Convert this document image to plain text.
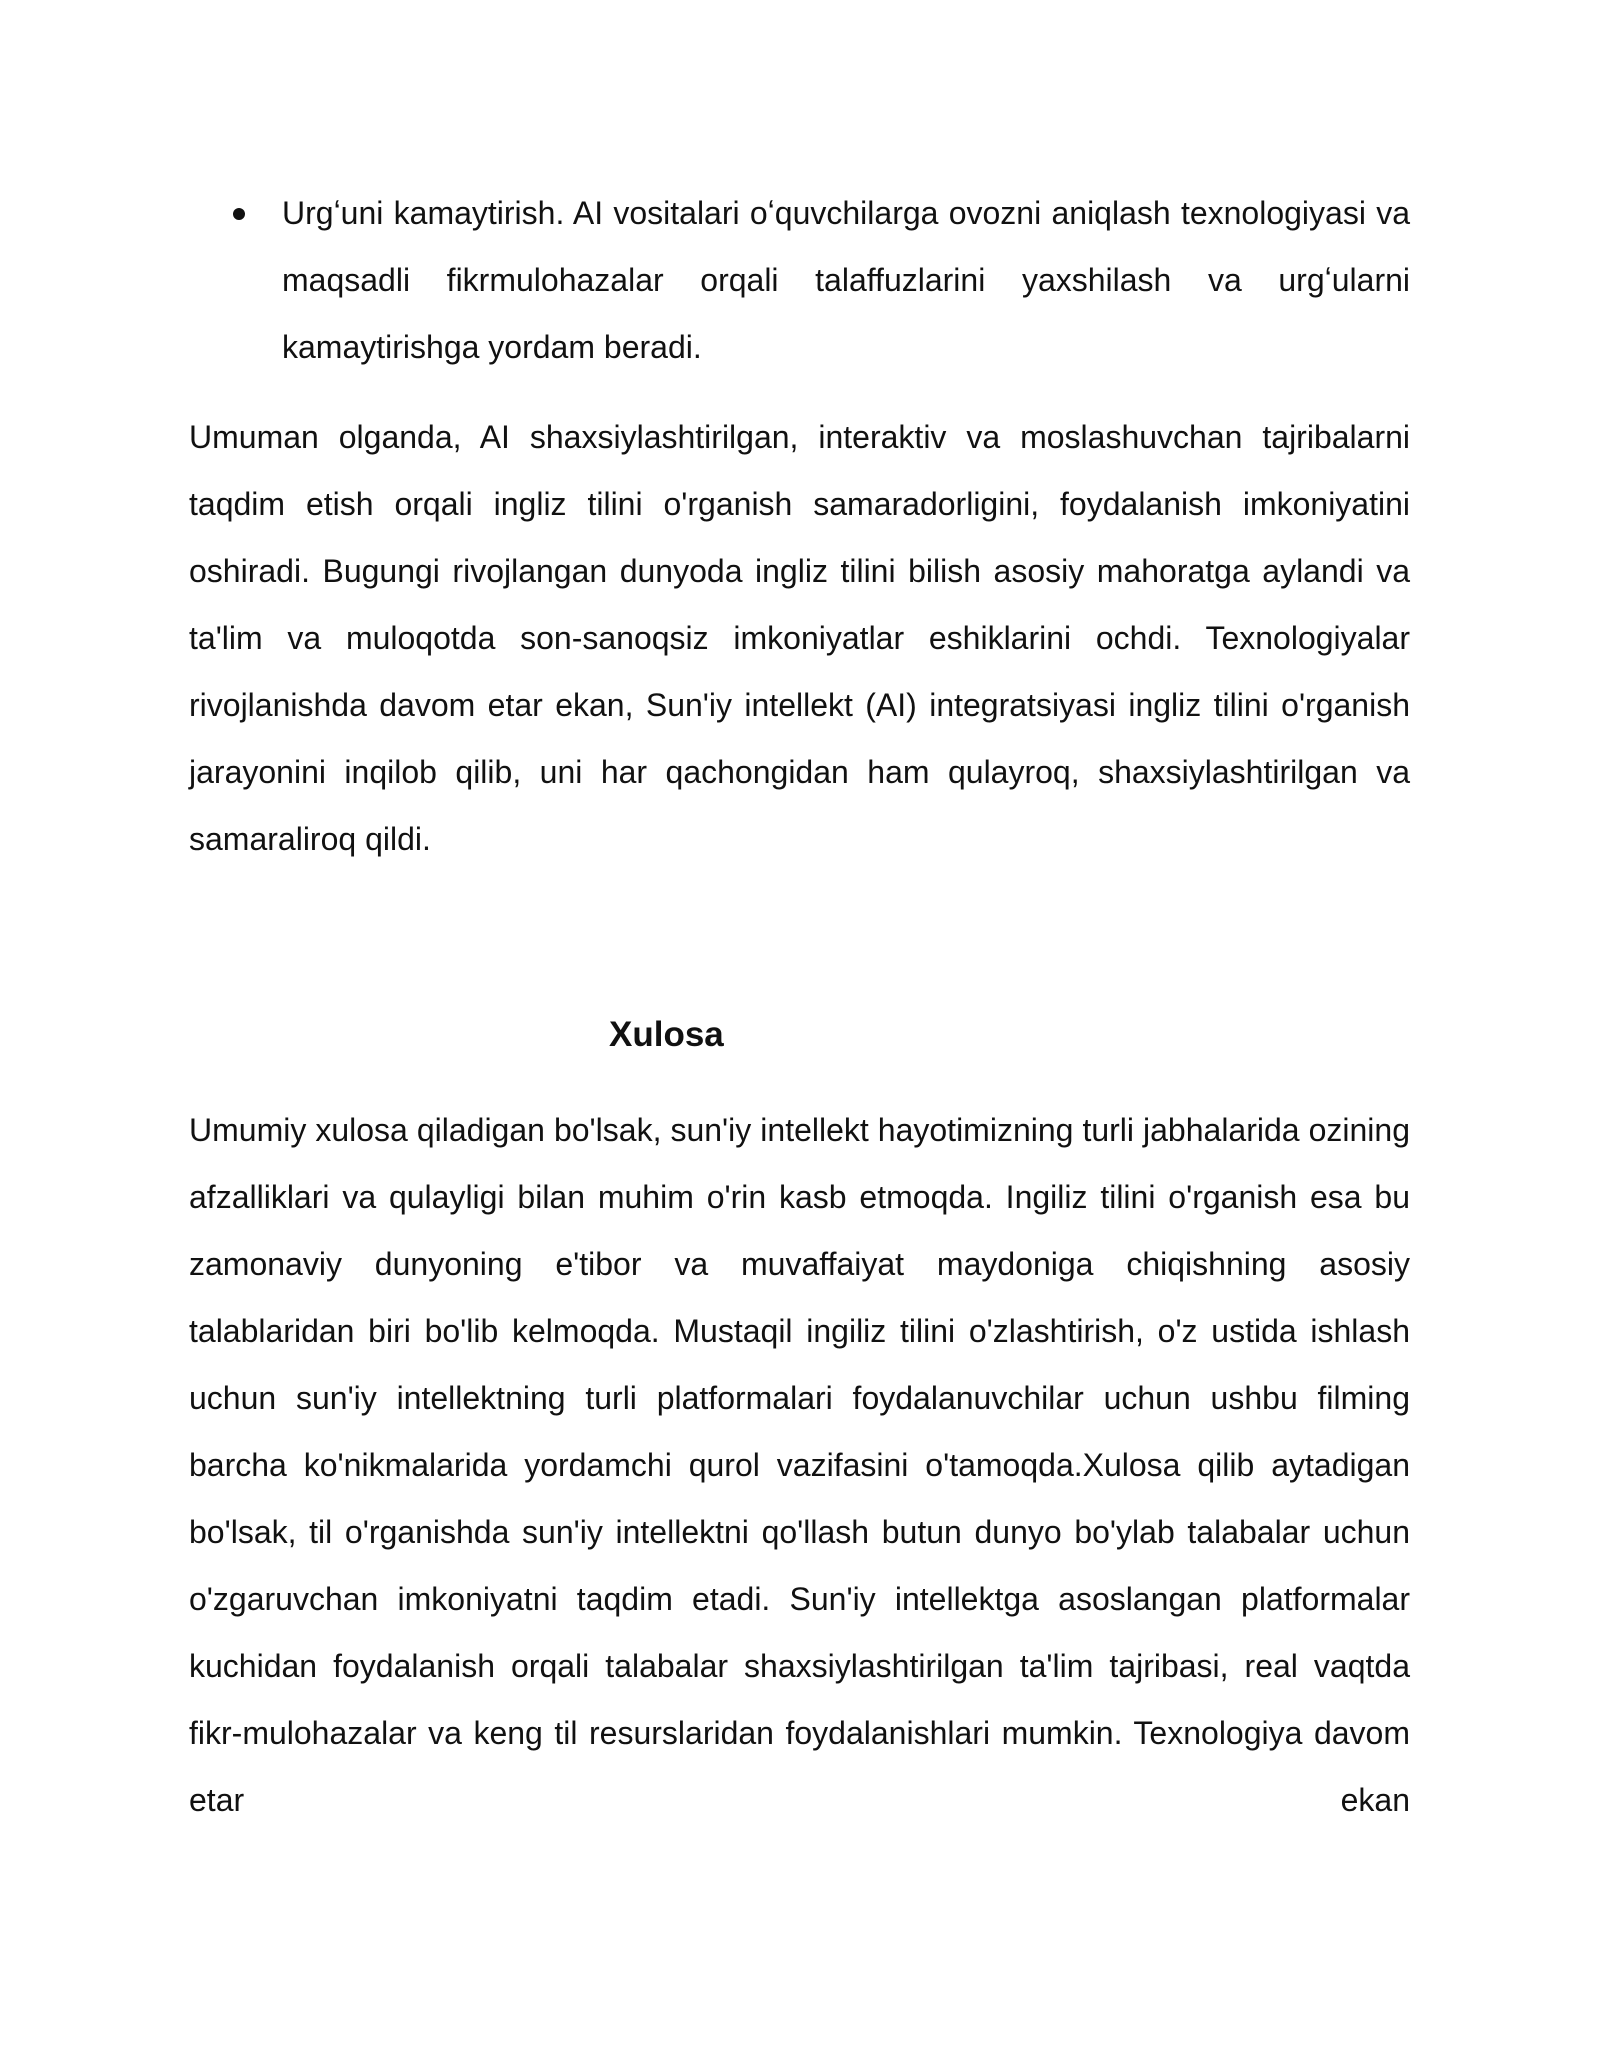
Urgʻuni kamaytirish. AI vositalari oʻquvchilarga ovozni aniqlash texnologiyasi va maqsadli fikrmulohazalar orqali talaffuzlarini yaxshilash va urgʻularni kamaytirishga yordam beradi.

Umuman olganda, AI shaxsiylashtirilgan, interaktiv va moslashuvchan tajribalarni taqdim etish orqali ingliz tilini o'rganish samaradorligini, foydalanish imkoniyatini oshiradi. Bugungi rivojlangan dunyoda ingliz tilini bilish asosiy mahoratga aylandi va ta'lim va muloqotda son-sanoqsiz imkoniyatlar eshiklarini ochdi. Texnologiyalar rivojlanishda davom etar ekan, Sun'iy intellekt (AI) integratsiyasi ingliz tilini o'rganish jarayonini inqilob qilib, uni har qachongidan ham qulayroq, shaxsiylashtirilgan va samaraliroq qildi.

Xulosa

Umumiy xulosa qiladigan bo'lsak, sun'iy intellekt hayotimizning turli jabhalarida ozining afzalliklari va qulayligi bilan muhim o'rin kasb etmoqda. Ingiliz tilini o'rganish esa bu zamonaviy dunyoning e'tibor va muvaffaiyat maydoniga chiqishning asosiy talablaridan biri bo'lib kelmoqda. Mustaqil ingiliz tilini o'zlashtirish, o'z ustida ishlash uchun sun'iy intellektning turli platformalari foydalanuvchilar uchun ushbu filming barcha ko'nikmalarida yordamchi qurol vazifasini o'tamoqda.Xulosa qilib aytadigan bo'lsak, til o'rganishda sun'iy intellektni qo'llash butun dunyo bo'ylab talabalar uchun o'zgaruvchan imkoniyatni taqdim etadi. Sun'iy intellektga asoslangan platformalar kuchidan foydalanish orqali talabalar shaxsiylashtirilgan ta'lim tajribasi, real vaqtda fikr-mulohazalar va keng til resurslaridan foydalanishlari mumkin. Texnologiya davom etar ekan
